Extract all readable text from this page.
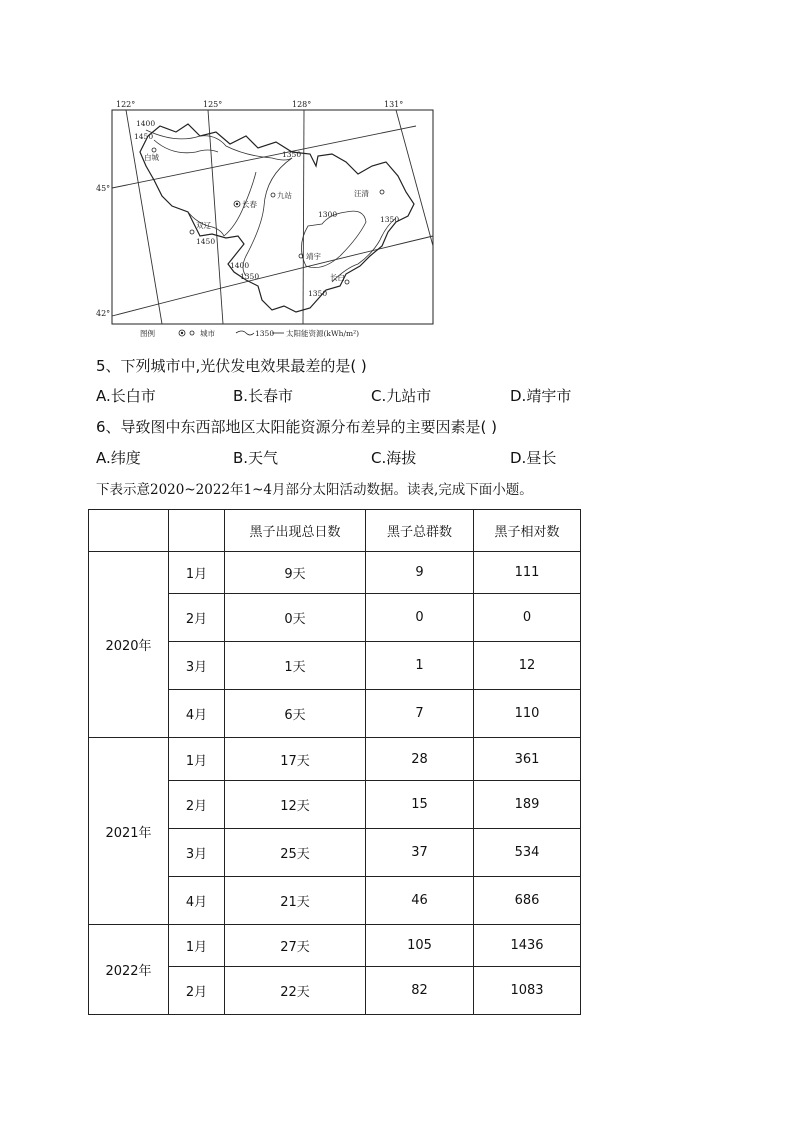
122°	125°	128°	131°
45°
42°
1400
1450
1350
1300
1350
1450
1400
1350
1350
白城
长春
九站	汪清
双辽
靖宇
长白
图例	城市	1350 太阳能资源(kWh/m²)
5、下列城市中,光伏发电效果最差的是( )
A.长白市	B.长春市	C.九站市	D.靖宇市
6、导致图中东西部地区太阳能资源分布差异的主要因素是( )
A.纬度	B.天气	C.海拔	D.昼长
下表示意2020~2022年1~4月部分太阳活动数据。读表,完成下面小题。
		黑子出现总日数	黑子总群数	黑子相对数
2020年	1月	9天	9	111
	2月	0天	0	0
	3月	1天	1	12
	4月	6天	7	110
2021年	1月	17天	28	361
	2月	12天	15	189
	3月	25天	37	534
	4月	21天	46	686
2022年	1月	27天	105	1436
	2月	22天	82	1083
